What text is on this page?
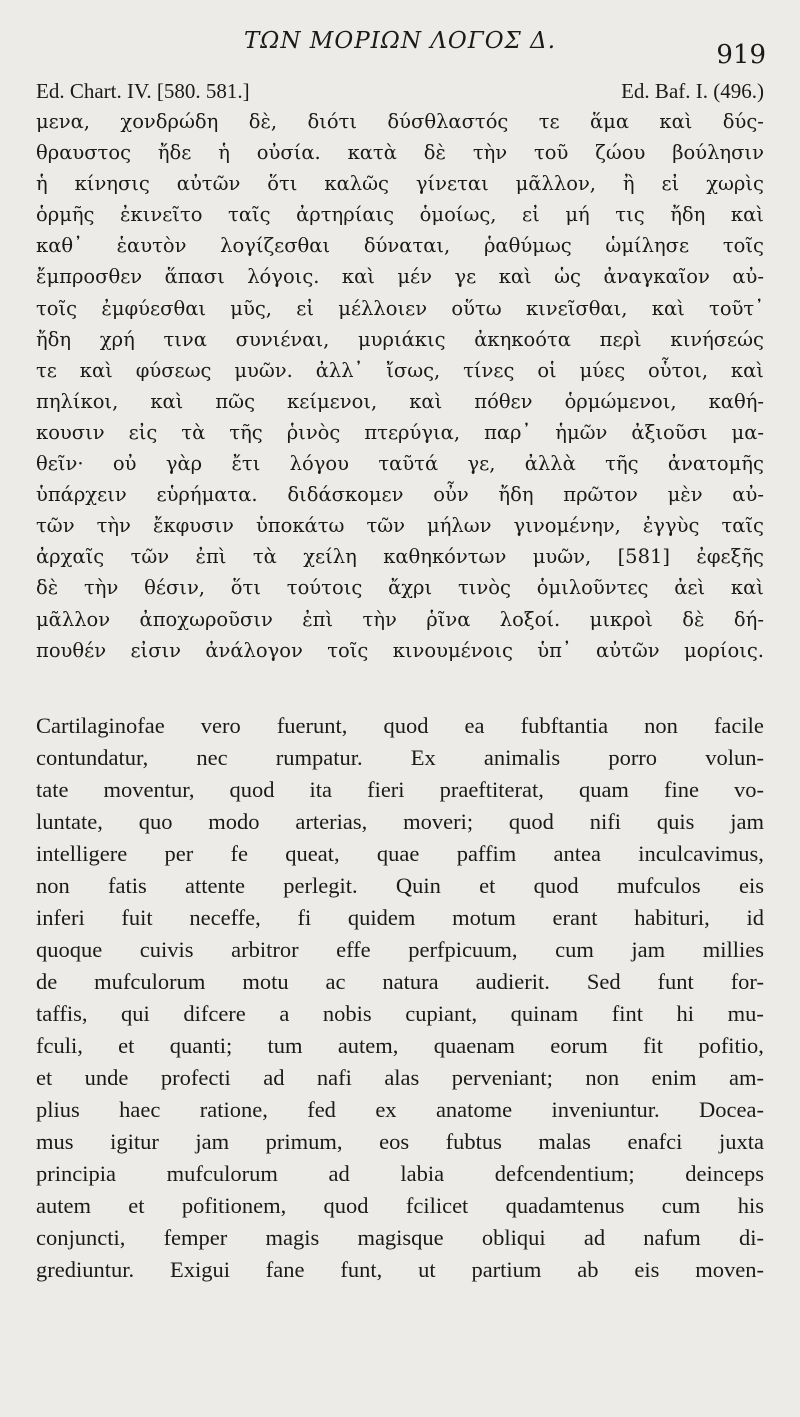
ΤΩΝ ΜΟΡΙΩΝ ΛΟΓΟΣ Δ.	919
Ed. Chart. IV. [580. 581.]	Ed. Baf. I. (496.)
μενα, χονδρώδη δὲ, διότι δύσθλαστός τε ἅμα καὶ δύς-
θραυστος ἤδε ἡ οὐσία. κατὰ δὲ τὴν τοῦ ζώου βούλησιν
ἡ κίνησις αὐτῶν ὅτι καλῶς γίνεται μᾶλλον, ἢ εἰ χωρὶς
ὁρμῆς ἐκινεῖτο ταῖς ἀρτηρίαις ὁμοίως, εἰ μή τις ἤδη καὶ
καθ᾿ ἑαυτὸν λογίζεσθαι δύναται, ῥαθύμως ὡμίλησε τοῖς
ἔμπροσθεν ἅπασι λόγοις. καὶ μέν γε καὶ ὡς ἀναγκαῖον αὐ-
τοῖς ἐμφύεσθαι μῦς, εἰ μέλλοιεν οὕτω κινεῖσθαι, καὶ τοῦτ᾿
ἤδη χρή τινα συνιέναι, μυριάκις ἀκηκοότα περὶ κινήσεώς
τε καὶ φύσεως μυῶν. ἀλλ᾿ ἴσως, τίνες οἱ μύες οὗτοι, καὶ
πηλίκοι, καὶ πῶς κείμενοι, καὶ πόθεν ὁρμώμενοι, καθή-
κουσιν εἰς τὰ τῆς ῥινὸς πτερύγια, παρ᾿ ἡμῶν ἀξιοῦσι μα-
θεῖν· οὐ γὰρ ἔτι λόγου ταῦτά γε, ἀλλὰ τῆς ἀνατομῆς
ὑπάρχειν εὑρήματα. διδάσκομεν οὖν ἤδη πρῶτον μὲν αὐ-
τῶν τὴν ἔκφυσιν ὑποκάτω τῶν μήλων γινομένην, ἐγγὺς ταῖς
ἀρχαῖς τῶν ἐπὶ τὰ χείλη καθηκόντων μυῶν, [581] ἐφεξῆς
δὲ τὴν θέσιν, ὅτι τούτοις ἄχρι τινὸς ὁμιλοῦντες ἀεὶ καὶ
μᾶλλον ἀποχωροῦσιν ἐπὶ τὴν ῥῖνα λοξοί. μικροὶ δὲ δή-
πουθέν εἰσιν ἀνάλογον τοῖς κινουμένοις ὑπ᾿ αὐτῶν μορίοις.
Cartilaginofae vero fuerunt, quod ea fubftantia non facile
contundatur, nec rumpatur. Ex animalis porro volun-
tate moventur, quod ita fieri praeftiterat, quam fine vo-
luntate, quo modo arterias, moveri; quod nifi quis jam
intelligere per fe queat, quae paffim antea inculcavimus,
non fatis attente perlegit. Quin et quod mufculos eis
inferi fuit neceffe, fi quidem motum erant habituri, id
quoque cuivis arbitror effe perfpicuum, cum jam millies
de mufculorum motu ac natura audierit. Sed funt for-
taffis, qui difcere a nobis cupiant, quinam fint hi mu-
fculi, et quanti; tum autem, quaenam eorum fit pofitio,
et unde profecti ad nafi alas perveniant; non enim am-
plius haec ratione, fed ex anatome inveniuntur. Docea-
mus igitur jam primum, eos fubtus malas enafci juxta
principia mufculorum ad labia defcendentium; deinceps
autem et pofitionem, quod fcilicet quadamtenus cum his
conjuncti, femper magis magisque obliqui ad nafum di-
grediuntur. Exigui fane funt, ut partium ab eis moven-
